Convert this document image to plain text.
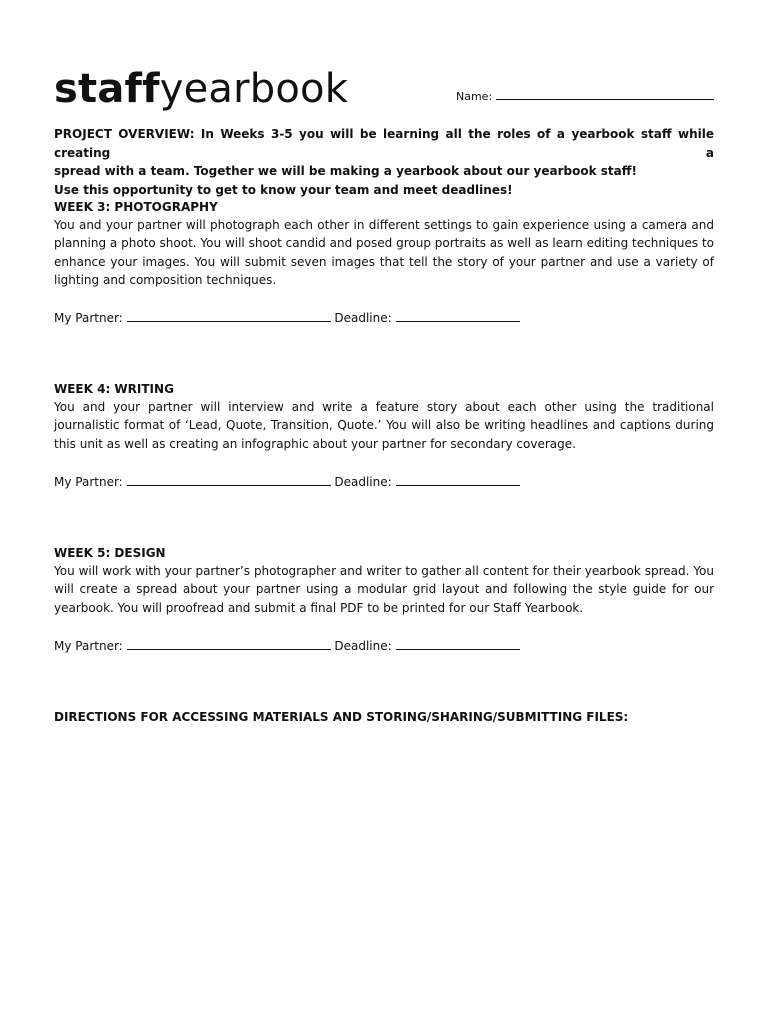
staffyearbook	Name:
PROJECT OVERVIEW: In Weeks 3-5 you will be learning all the roles of a yearbook staff while creating a
spread with a team. Together we will be making a yearbook about our yearbook staff!
Use this opportunity to get to know your team and meet deadlines!

WEEK 3: PHOTOGRAPHY

You and your partner will photograph each other in different settings to gain experience using a camera and planning a photo shoot. You will shoot candid and posed group portraits as well as learn editing techniques to enhance your images. You will submit seven images that tell the story of your partner and use a variety of lighting and composition techniques.

My Partner:	Deadline:

WEEK 4: WRITING

You and your partner will interview and write a feature story about each other using the traditional journalistic format of ‘Lead, Quote, Transition, Quote.’ You will also be writing headlines and captions during this unit as well as creating an infographic about your partner for secondary coverage.

My Partner:	Deadline:

WEEK 5: DESIGN

You will work with your partner’s photographer and writer to gather all content for their yearbook spread. You will create a spread about your partner using a modular grid layout and following the style guide for our yearbook. You will proofread and submit a final PDF to be printed for our Staff Yearbook.

My Partner:	Deadline:
DIRECTIONS FOR ACCESSING MATERIALS AND STORING/SHARING/SUBMITTING FILES:
